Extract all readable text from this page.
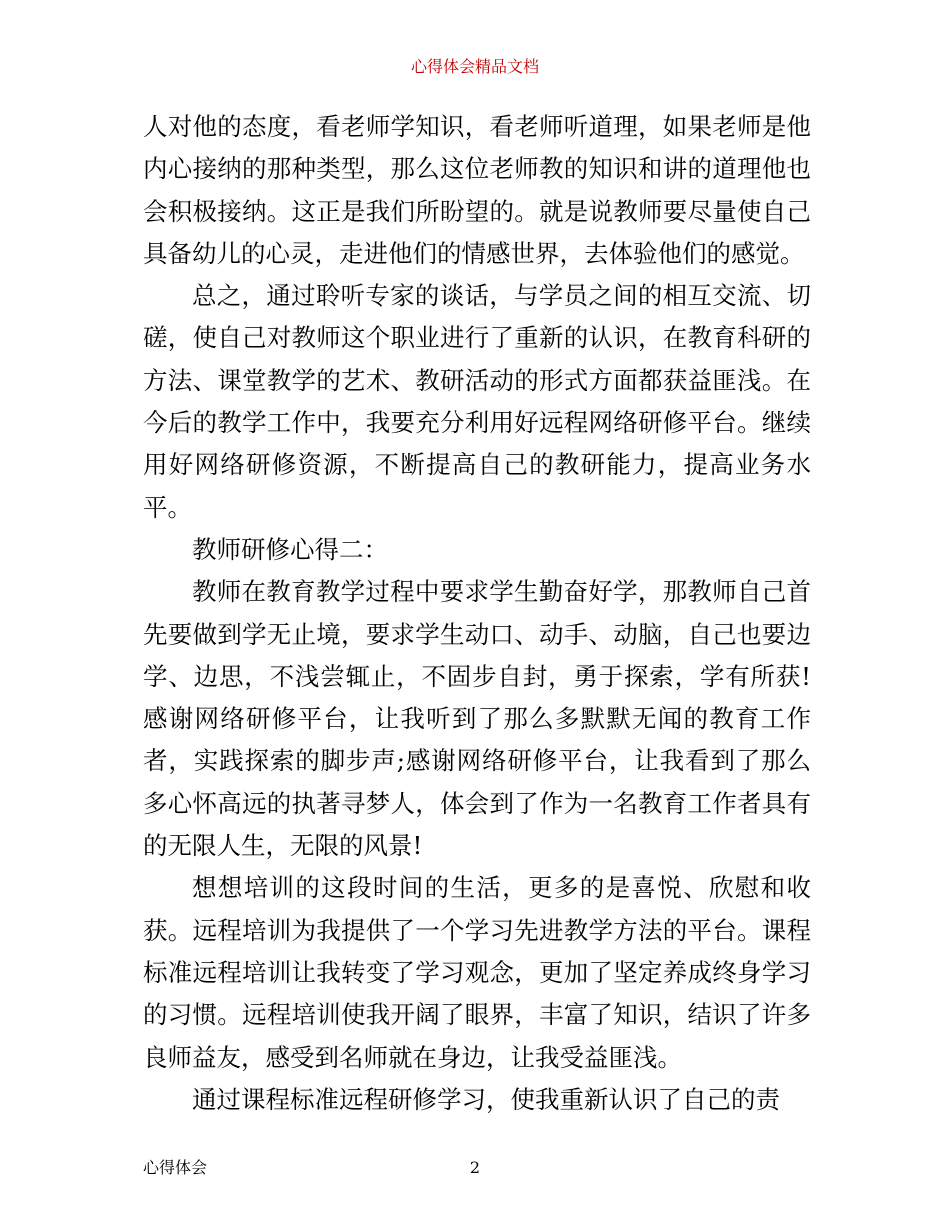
心得体会精品文档

人对他的态度，看老师学知识，看老师听道理，如果老师是他内心接纳的那种类型，那么这位老师教的知识和讲的道理他也会积极接纳。这正是我们所盼望的。就是说教师要尽量使自己具备幼儿的心灵，走进他们的情感世界，去体验他们的感觉。

总之，通过聆听专家的谈话，与学员之间的相互交流、切磋，使自己对教师这个职业进行了重新的认识，在教育科研的方法、课堂教学的艺术、教研活动的形式方面都获益匪浅。在今后的教学工作中，我要充分利用好远程网络研修平台。继续用好网络研修资源，不断提高自己的教研能力，提高业务水平。

教师研修心得二：

教师在教育教学过程中要求学生勤奋好学，那教师自己首先要做到学无止境，要求学生动口、动手、动脑，自己也要边学、边思，不浅尝辄止，不固步自封，勇于探索，学有所获!感谢网络研修平台，让我听到了那么多默默无闻的教育工作者，实践探索的脚步声;感谢网络研修平台，让我看到了那么多心怀高远的执著寻梦人，体会到了作为一名教育工作者具有的无限人生，无限的风景!

想想培训的这段时间的生活，更多的是喜悦、欣慰和收获。远程培训为我提供了一个学习先进教学方法的平台。课程标准远程培训让我转变了学习观念，更加了坚定养成终身学习的习惯。远程培训使我开阔了眼界，丰富了知识，结识了许多良师益友，感受到名师就在身边，让我受益匪浅。

通过课程标准远程研修学习，使我重新认识了自己的责

心得体会	2
